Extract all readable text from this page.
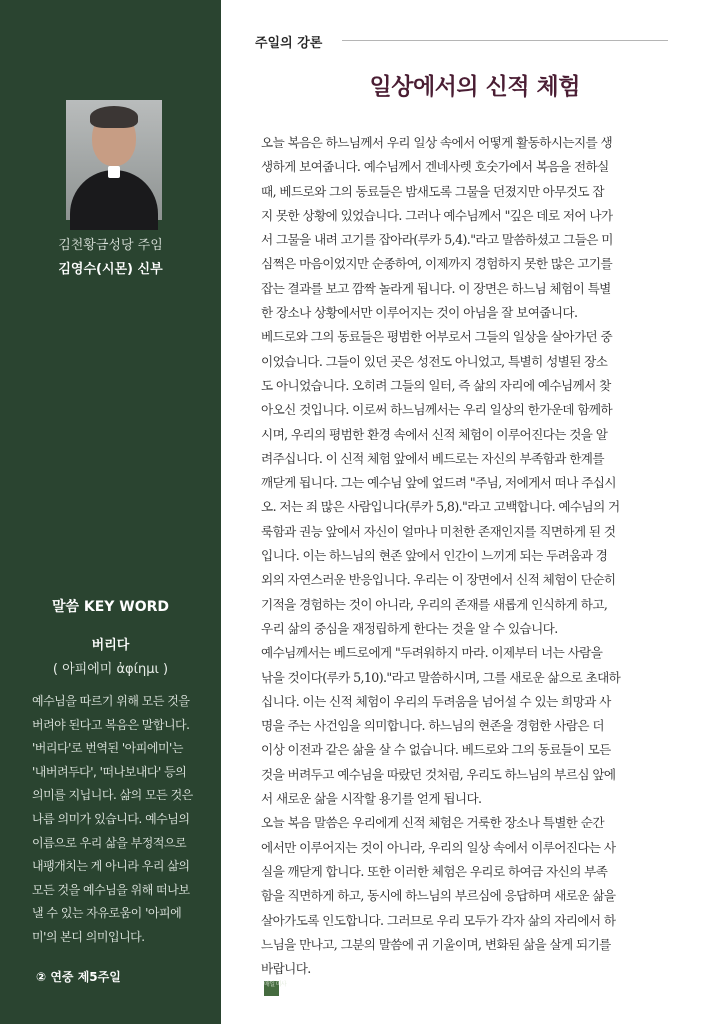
김천황금성당 주임
김영수(시몬) 신부
말씀 KEY WORD
버리다
( 아피에미 ἀφίημι )
예수님을 따르기 위해 모든 것을
버려야 된다고 복음은 말합니다.
'버리다'로 번역된 '아피에미'는
'내버려두다', '떠나보내다' 등의
의미를 지닙니다. 삶의 모든 것은
나름 의미가 있습니다. 예수님의
이름으로 우리 삶을 부정적으로
내팽개치는 게 아니라 우리 삶의
모든 것을 예수님을 위해 떠나보
낼 수 있는 자유로움이 '아피에
미'의 본디 의미입니다.
② 연중 제5주일
주일의 강론
일상에서의 신적 체험
오늘 복음은 하느님께서 우리 일상 속에서 어떻게 활동하시는지를 생
생하게 보여줍니다. 예수님께서 겐네사렛 호숫가에서 복음을 전하실
때, 베드로와 그의 동료들은 밤새도록 그물을 던졌지만 아무것도 잡
지 못한 상황에 있었습니다. 그러나 예수님께서 "깊은 데로 저어 나가
서 그물을 내려 고기를 잡아라(루카 5,4)."라고 말씀하셨고 그들은 미
심쩍은 마음이었지만 순종하여, 이제까지 경험하지 못한 많은 고기를
잡는 결과를 보고 깜짝 놀라게 됩니다. 이 장면은 하느님 체험이 특별
한 장소나 상황에서만 이루어지는 것이 아님을 잘 보여줍니다.
베드로와 그의 동료들은 평범한 어부로서 그들의 일상을 살아가던 중
이었습니다. 그들이 있던 곳은 성전도 아니었고, 특별히 성별된 장소
도 아니었습니다. 오히려 그들의 일터, 즉 삶의 자리에 예수님께서 찾
아오신 것입니다. 이로써 하느님께서는 우리 일상의 한가운데 함께하
시며, 우리의 평범한 환경 속에서 신적 체험이 이루어진다는 것을 알
려주십니다. 이 신적 체험 앞에서 베드로는 자신의 부족함과 한계를
깨닫게 됩니다. 그는 예수님 앞에 엎드려 "주님, 저에게서 떠나 주십시
오. 저는 죄 많은 사람입니다(루카 5,8)."라고 고백합니다. 예수님의 거
룩함과 권능 앞에서 자신이 얼마나 미천한 존재인지를 직면하게 된 것
입니다. 이는 하느님의 현존 앞에서 인간이 느끼게 되는 두려움과 경
외의 자연스러운 반응입니다. 우리는 이 장면에서 신적 체험이 단순히
기적을 경험하는 것이 아니라, 우리의 존재를 새롭게 인식하게 하고,
우리 삶의 중심을 재정립하게 한다는 것을 알 수 있습니다.
예수님께서는 베드로에게 "두려워하지 마라. 이제부터 너는 사람을
낚을 것이다(루카 5,10)."라고 말씀하시며, 그를 새로운 삶으로 초대하
십니다. 이는 신적 체험이 우리의 두려움을 넘어설 수 있는 희망과 사
명을 주는 사건임을 의미합니다. 하느님의 현존을 경험한 사람은 더
이상 이전과 같은 삶을 살 수 없습니다. 베드로와 그의 동료들이 모든
것을 버려두고 예수님을 따랐던 것처럼, 우리도 하느님의 부르심 앞에
서 새로운 삶을 시작할 용기를 얻게 됩니다.
오늘 복음 말씀은 우리에게 신적 체험은 거룩한 장소나 특별한 순간
에서만 이루어지는 것이 아니라, 우리의 일상 속에서 이루어진다는 사
실을 깨닫게 합니다. 또한 이러한 체험은 우리로 하여금 자신의 부족
함을 직면하게 하고, 동시에 하느님의 부르심에 응답하며 새로운 삶을
살아가도록 인도합니다. 그러므로 우리 모두가 각자 삶의 자리에서 하
느님을 만나고, 그분의 말씀에 귀 기울이며, 변화된 삶을 살게 되기를
바랍니다.
매일 미사
